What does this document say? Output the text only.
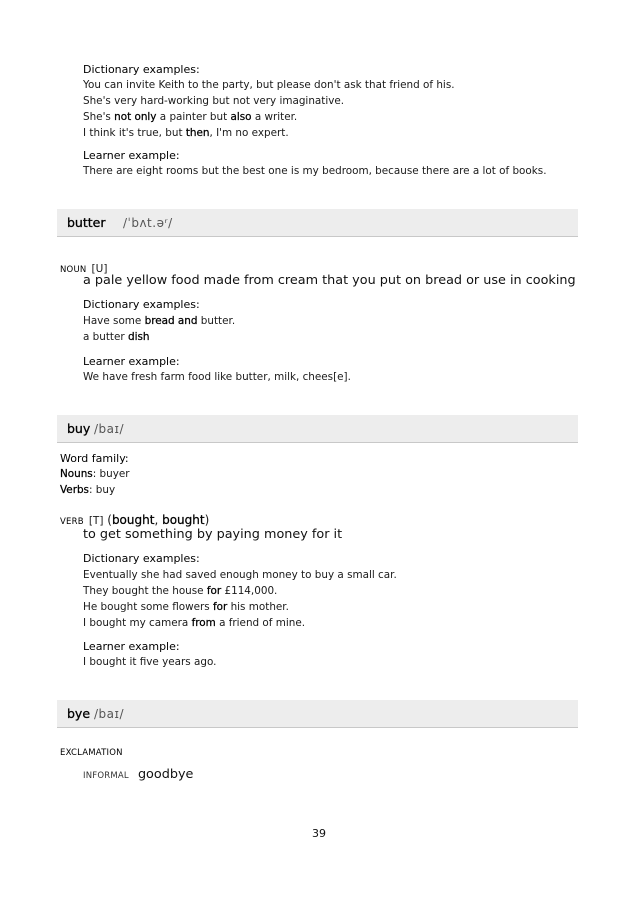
Dictionary examples:
You can invite Keith to the party, but please don't ask that friend of his.
She's very hard-working but not very imaginative.
She's not only a painter but also a writer.
I think it's true, but then, I'm no expert.
Learner example:
There are eight rooms but the best one is my bedroom, because there are a lot of books.
butter /ˈbʌt.əʳ/
NOUN [U]
a pale yellow food made from cream that you put on bread or use in cooking
Dictionary examples:
Have some bread and butter.
a butter dish
Learner example:
We have fresh farm food like butter, milk, chees[e].
buy /baɪ/
Word family:
Nouns: buyer
Verbs: buy
VERB [T] (bought, bought)
to get something by paying money for it
Dictionary examples:
Eventually she had saved enough money to buy a small car.
They bought the house for £114,000.
He bought some flowers for his mother.
I bought my camera from a friend of mine.
Learner example:
I bought it five years ago.
bye /baɪ/
EXCLAMATION
INFORMAL goodbye
39
